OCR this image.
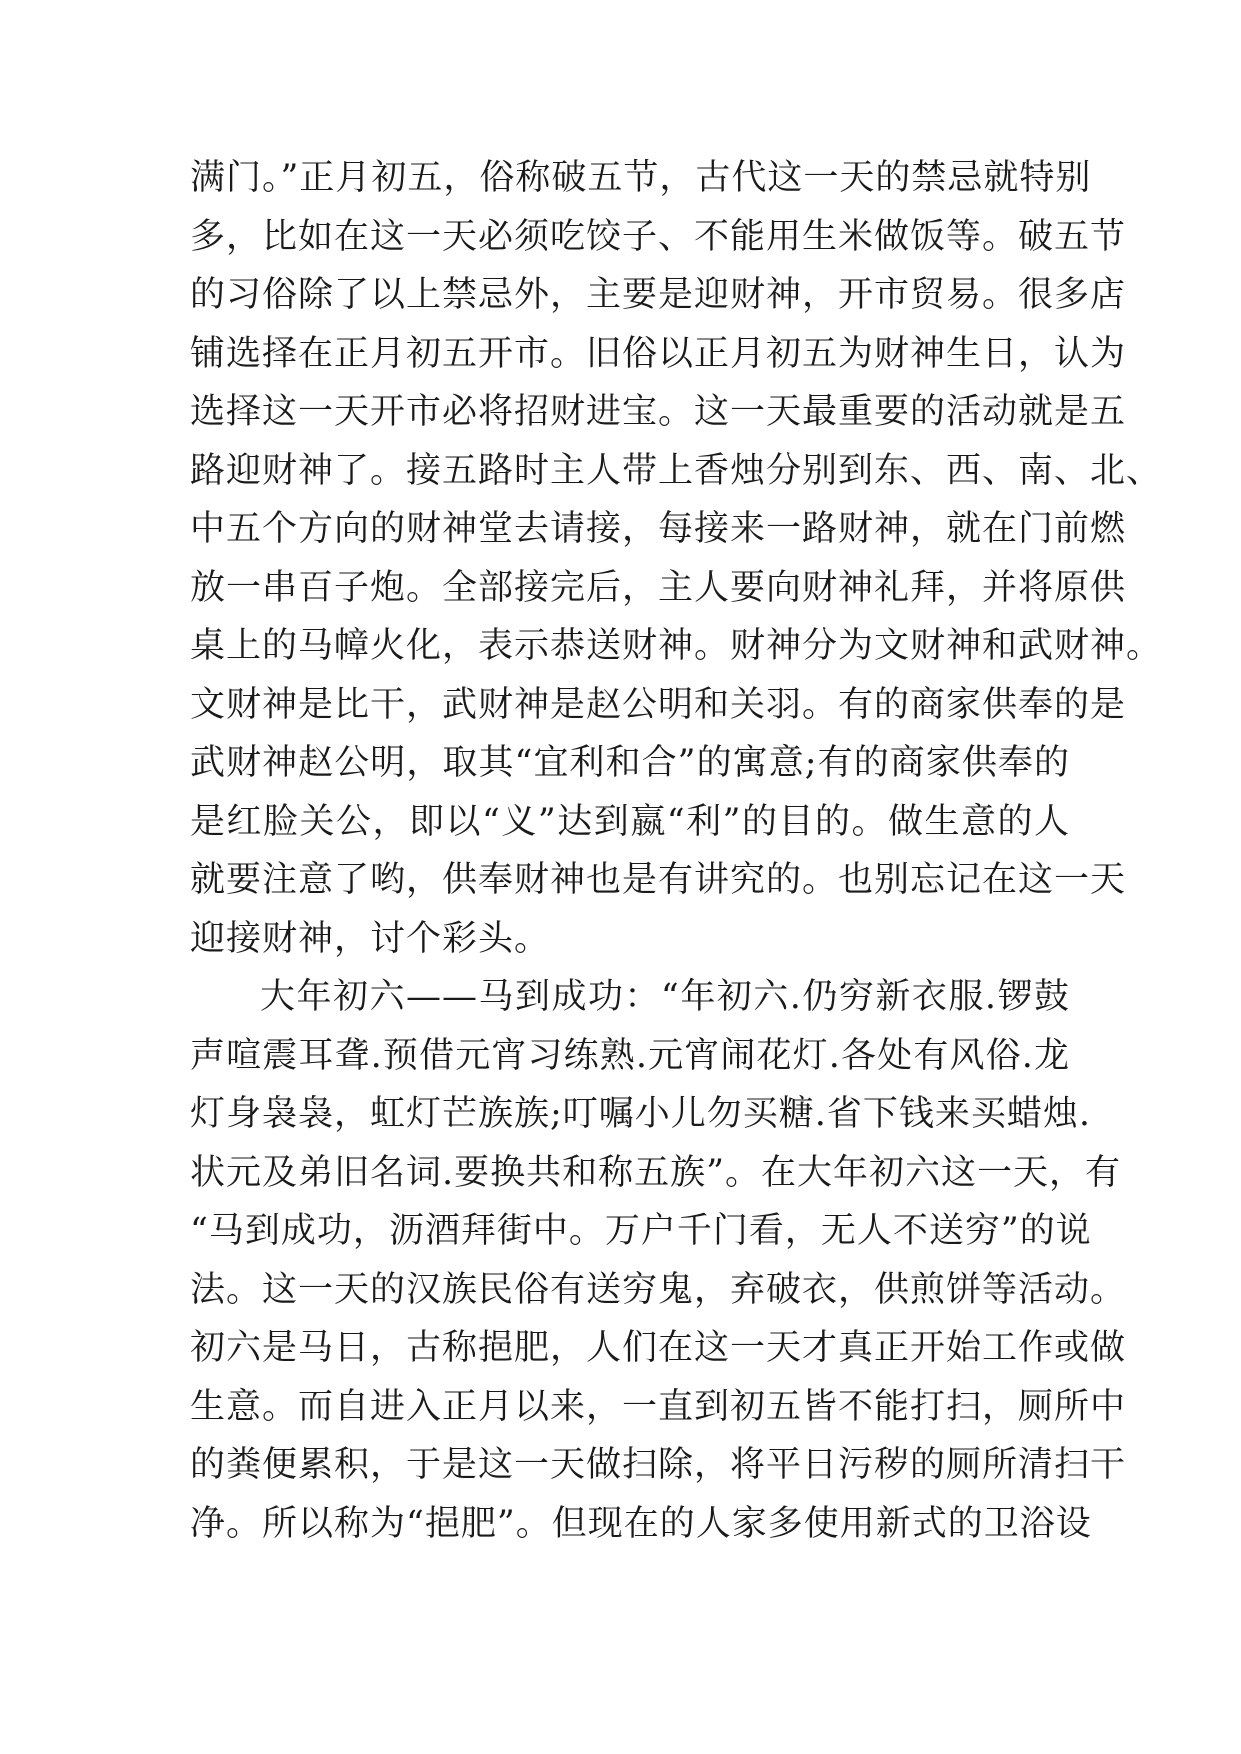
满门。”正月初五，俗称破五节，古代这一天的禁忌就特别
多，比如在这一天必须吃饺子、不能用生米做饭等。破五节
的习俗除了以上禁忌外，主要是迎财神，开市贸易。很多店
铺选择在正月初五开市。旧俗以正月初五为财神生日，认为
选择这一天开市必将招财进宝。这一天最重要的活动就是五
路迎财神了。接五路时主人带上香烛分别到东、西、南、北、
中五个方向的财神堂去请接，每接来一路财神，就在门前燃
放一串百子炮。全部接完后，主人要向财神礼拜，并将原供
桌上的马幛火化，表示恭送财神。财神分为文财神和武财神。
文财神是比干，武财神是赵公明和关羽。有的商家供奉的是
武财神赵公明，取其“宜利和合”的寓意;有的商家供奉的
是红脸关公，即以“义”达到嬴“利”的目的。做生意的人
就要注意了哟，供奉财神也是有讲究的。也别忘记在这一天
迎接财神，讨个彩头。
大年初六——马到成功：“年初六.仍穷新衣服.锣鼓
声喧震耳聋.预借元宵习练熟.元宵闹花灯.各处有风俗.龙
灯身袅袅，虹灯芒族族;叮嘱小儿勿买糖.省下钱来买蜡烛.
状元及弟旧名词.要换共和称五族”。在大年初六这一天，有
“马到成功，沥酒拜街中。万户千门看，无人不送穷”的说
法。这一天的汉族民俗有送穷鬼，弃破衣，供煎饼等活动。
初六是马日，古称挹肥，人们在这一天才真正开始工作或做
生意。而自进入正月以来，一直到初五皆不能打扫，厕所中
的粪便累积，于是这一天做扫除，将平日污秽的厕所清扫干
净。所以称为“挹肥”。但现在的人家多使用新式的卫浴设
